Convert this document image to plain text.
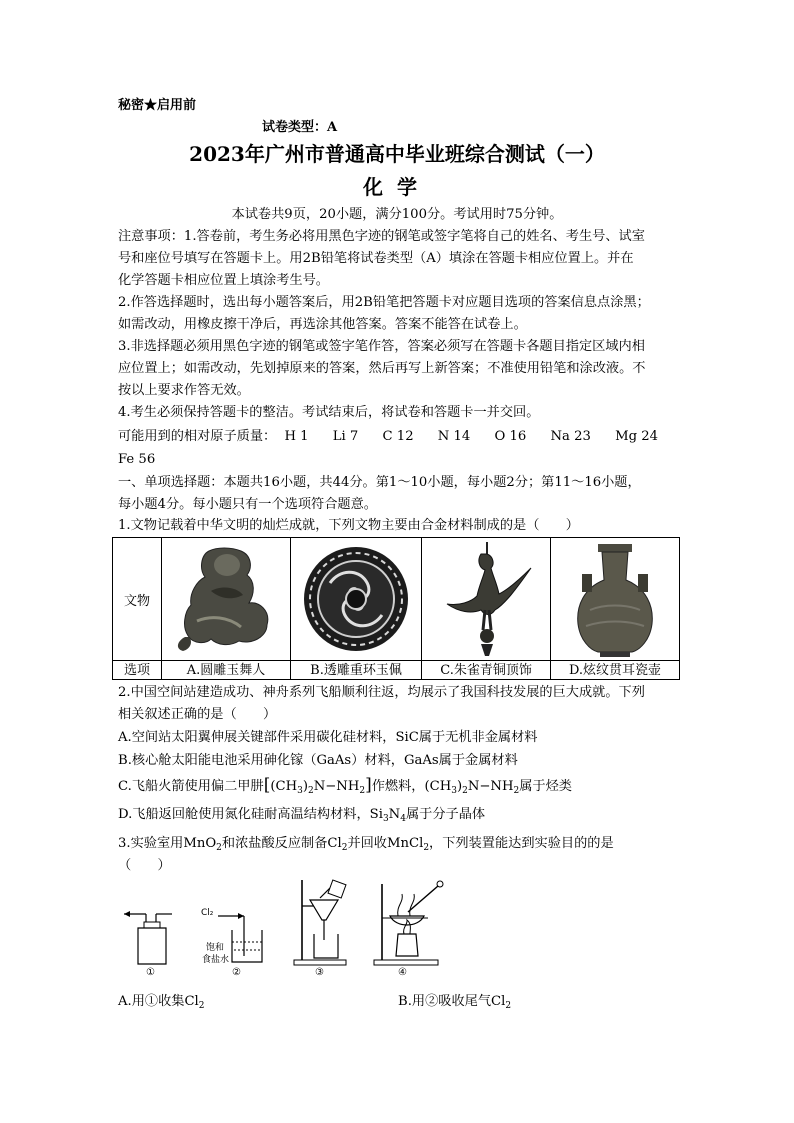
秘密★启用前
试卷类型：A
2023年广州市普通高中毕业班综合测试（一）
化学
本试卷共9页，20小题，满分100分。考试用时75分钟。
注意事项：1.答卷前，考生务必将用黑色字迹的钢笔或签字笔将自己的姓名、考生号、试室
号和座位号填写在答题卡上。用2B铅笔将试卷类型（A）填涂在答题卡相应位置上。并在
化学答题卡相应位置上填涂考生号。
2.作答选择题时，选出每小题答案后，用2B铅笔把答题卡对应题目选项的答案信息点涂黑；
如需改动，用橡皮擦干净后，再选涂其他答案。答案不能答在试卷上。
3.非选择题必须用黑色字迹的钢笔或签字笔作答，答案必须写在答题卡各题目指定区域内相
应位置上；如需改动，先划掉原来的答案，然后再写上新答案；不准使用铅笔和涂改液。不
按以上要求作答无效。
4.考生必须保持答题卡的整洁。考试结束后，将试卷和答题卡一并交回。
可能用到的相对原子质量： H 1 Li 7 C 12 N 14 O 16 Na 23 Mg 24
Fe 56
一、单项选择题：本题共16小题，共44分。第1～10小题，每小题2分；第11～16小题，
每小题4分。每小题只有一个选项符合题意。
1.文物记载着中华文明的灿烂成就，下列文物主要由合金材料制成的是（　　）
文物	

选项	A.圆雕玉舞人	B.透雕重环玉佩	C.朱雀青铜顶饰	D.炫纹贯耳瓷壶
2.中国空间站建造成功、神舟系列飞船顺利往返，均展示了我国科技发展的巨大成就。下列
相关叙述正确的是（　　）
A.空间站太阳翼伸展关键部件采用碳化硅材料，SiC属于无机非金属材料
B.核心舱太阳能电池采用砷化镓（GaAs）材料，GaAs属于金属材料
C.飞船火箭使用偏二甲肼$[(CH_3)_2N-NH_2]$作燃料，$(CH_3)_2N-NH_2$属于烃类
D.飞船返回舱使用氮化硅耐高温结构材料，$Si_3N_4$属于分子晶体
3.实验室用MnO$_2$和浓盐酸反应制备$Cl_2$并回收MnCl$_2$，下列装置能达到实验目的的是
（　　）
①
Cl₂
饱和
食盐水
②	③	④
A.用①收集$Cl_2$	B.用②吸收尾气$Cl_2$
